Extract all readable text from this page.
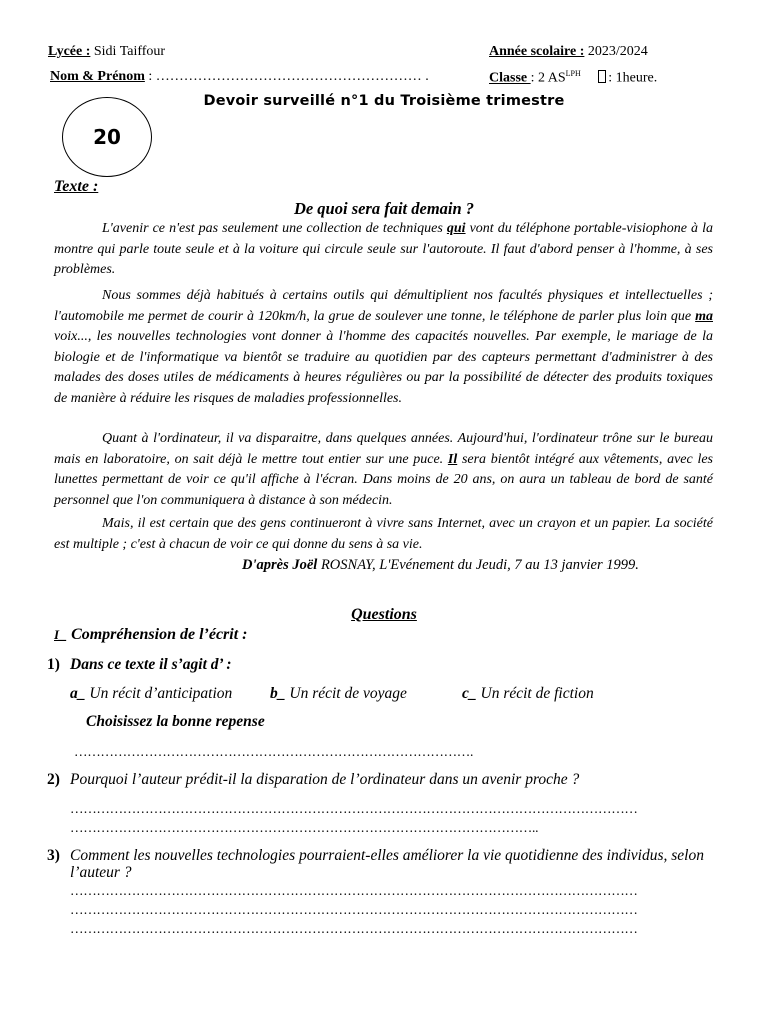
Lycée : Sidi Taiffour	Année scolaire : 2023/2024
Nom & Prénom : ………………………………………………… .	Classe : 2 $AS^{LPH}$ : 1heure.
Devoir surveillé n°1 du Troisième trimestre
20
Texte :
De quoi sera fait demain ?

L'avenir ce n'est pas seulement une collection de techniques qui vont du téléphone portable-visiophone à la montre qui parle toute seule et à la voiture qui circule seule sur l'autoroute. Il faut d'abord penser à l'homme, à ses problèmes.

Nous sommes déjà habitués à certains outils qui démultiplient nos facultés physiques et intellectuelles ; l'automobile me permet de courir à 120km/h, la grue de soulever une tonne, le téléphone de parler plus loin que ma voix..., les nouvelles technologies vont donner à l'homme des capacités nouvelles. Par exemple, le mariage de la biologie et de l'informatique va bientôt se traduire au quotidien par des capteurs permettant d'administrer à des malades des doses utiles de médicaments à heures régulières ou par la possibilité de détecter des produits toxiques de manière à réduire les risques de maladies professionnelles.

Quant à l'ordinateur, il va disparaitre, dans quelques années. Aujourd'hui, l'ordinateur trône sur le bureau mais en laboratoire, on sait déjà le mettre tout entier sur une puce. Il sera bientôt intégré aux vêtements, avec les lunettes permettant de voir ce qu'il affiche à l'écran. Dans moins de 20 ans, on aura un tableau de bord de santé personnel que l'on communiquera à distance à son médecin.

Mais, il est certain que des gens continueront à vivre sans Internet, avec un crayon et un papier. La société est multiple ; c'est à chacun de voir ce qui donne du sens à sa vie.

D'après Joël ROSNAY, L'Evénement du Jeudi, 7 au 13 janvier 1999.
Questions
I_ Compréhension de l’écrit :
1) Dans ce texte il s’agit d’ :
a_ Un récit d’anticipation b_ Un récit de voyage	c_ Un récit de fiction
Choisissez la bonne repense
……………………………………………………………………………….
2) Pourquoi l’auteur prédit-il la disparation de l’ordinateur dans un avenir proche ?
…………………………………………………………………………………………………………………
……………………………………………………………………………………………..
3) Comment les nouvelles technologies pourraient-elles améliorer la vie quotidienne des individus, selon l’auteur ?
…………………………………………………………………………………………………………………
…………………………………………………………………………………………………………………
…………………………………………………………………………………………………………………
